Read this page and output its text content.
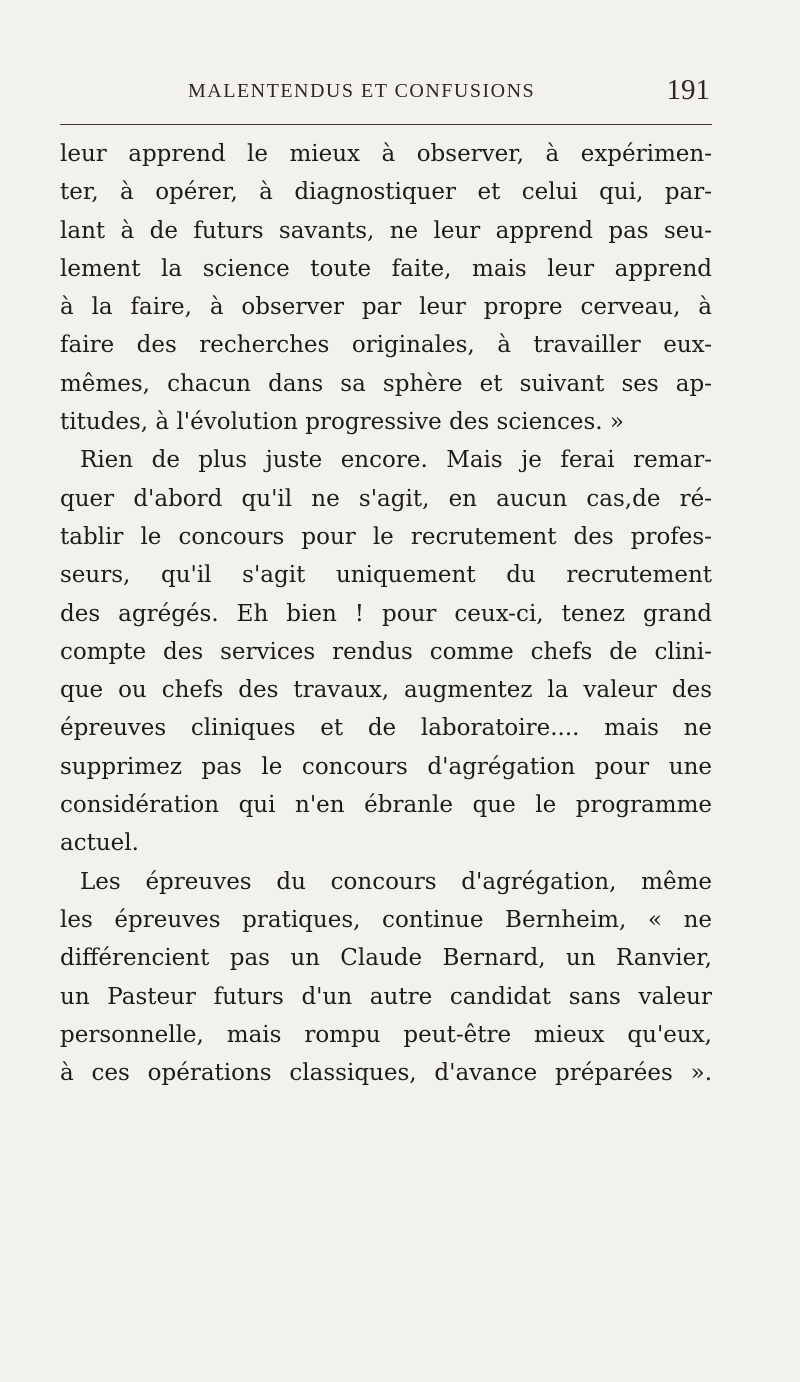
MALENTENDUS ET CONFUSIONS	191
leur apprend le mieux à observer, à expérimen-
ter, à opérer, à diagnostiquer et celui qui, par-
lant à de futurs savants, ne leur apprend pas seu-
lement la science toute faite, mais leur apprend
à la faire, à observer par leur propre cerveau, à
faire des recherches originales, à travailler eux-
mêmes, chacun dans sa sphère et suivant ses ap-
titudes, à l'évolution progressive des sciences. »
Rien de plus juste encore. Mais je ferai remar-
quer d'abord qu'il ne s'agit, en aucun cas,de ré-
tablir le concours pour le recrutement des profes-
seurs, qu'il s'agit uniquement du recrutement
des agrégés. Eh bien ! pour ceux-ci, tenez grand
compte des services rendus comme chefs de clini-
que ou chefs des travaux, augmentez la valeur des
épreuves cliniques et de laboratoire.... mais ne
supprimez pas le concours d'agrégation pour une
considération qui n'en ébranle que le programme
actuel.
Les épreuves du concours d'agrégation, même
les épreuves pratiques, continue Bernheim, « ne
différencient pas un Claude Bernard, un Ranvier,
un Pasteur futurs d'un autre candidat sans valeur
personnelle, mais rompu peut-être mieux qu'eux,
à ces opérations classiques, d'avance préparées ».
